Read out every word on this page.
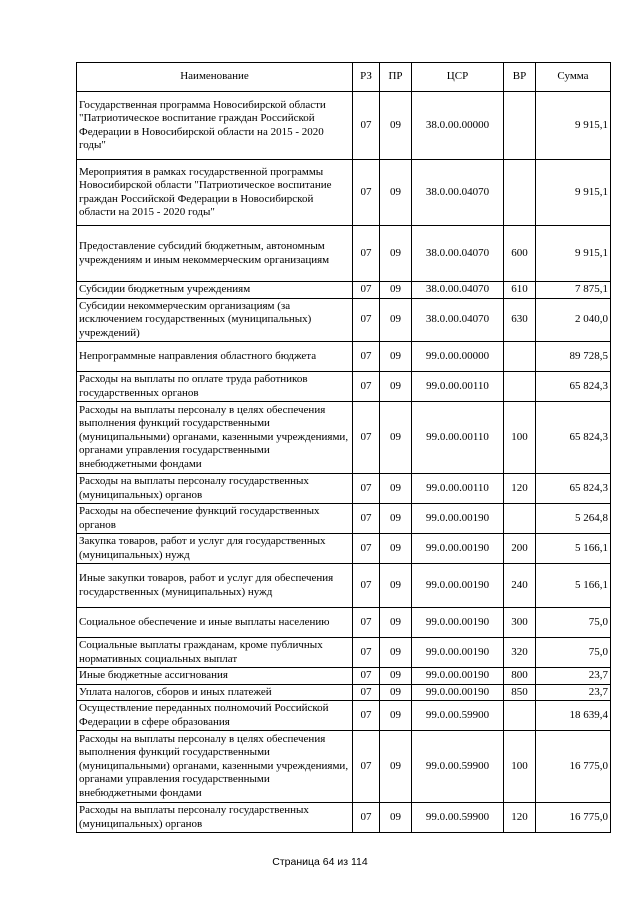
Наименование	РЗ	ПР	ЦСР	ВР	Сумма
Государственная программа Новосибирской области "Патриотическое воспитание граждан Российской Федерации в Новосибирской области на 2015 - 2020 годы"	07	09	38.0.00.00000		9 915,1
Мероприятия в рамках государственной программы Новосибирской области "Патриотическое воспитание граждан Российской Федерации в Новосибирской области на 2015 - 2020 годы"	07	09	38.0.00.04070		9 915,1
Предоставление субсидий бюджетным, автономным учреждениям и иным некоммерческим организациям	07	09	38.0.00.04070	600	9 915,1
Субсидии бюджетным учреждениям	07	09	38.0.00.04070	610	7 875,1
Субсидии некоммерческим организациям (за исключением государственных (муниципальных) учреждений)	07	09	38.0.00.04070	630	2 040,0
Непрограммные направления областного бюджета	07	09	99.0.00.00000		89 728,5
Расходы на выплаты по оплате труда работников государственных органов	07	09	99.0.00.00110		65 824,3
Расходы на выплаты персоналу в целях обеспечения выполнения функций государственными (муниципальными) органами, казенными учреждениями, органами управления государственными внебюджетными фондами	07	09	99.0.00.00110	100	65 824,3
Расходы на выплаты персоналу государственных (муниципальных) органов	07	09	99.0.00.00110	120	65 824,3
Расходы на обеспечение функций государственных органов	07	09	99.0.00.00190		5 264,8
Закупка товаров, работ и услуг для государственных (муниципальных) нужд	07	09	99.0.00.00190	200	5 166,1
Иные закупки товаров, работ и услуг для обеспечения государственных (муниципальных) нужд	07	09	99.0.00.00190	240	5 166,1
Социальное обеспечение и иные выплаты населению	07	09	99.0.00.00190	300	75,0
Социальные выплаты гражданам, кроме публичных нормативных социальных выплат	07	09	99.0.00.00190	320	75,0
Иные бюджетные ассигнования	07	09	99.0.00.00190	800	23,7
Уплата налогов, сборов и иных платежей	07	09	99.0.00.00190	850	23,7
Осуществление переданных полномочий Российской Федерации в сфере образования	07	09	99.0.00.59900		18 639,4
Расходы на выплаты персоналу в целях обеспечения выполнения функций государственными (муниципальными) органами, казенными учреждениями, органами управления государственными внебюджетными фондами	07	09	99.0.00.59900	100	16 775,0
Расходы на выплаты персоналу государственных (муниципальных) органов	07	09	99.0.00.59900	120	16 775,0
Страница 64 из 114
